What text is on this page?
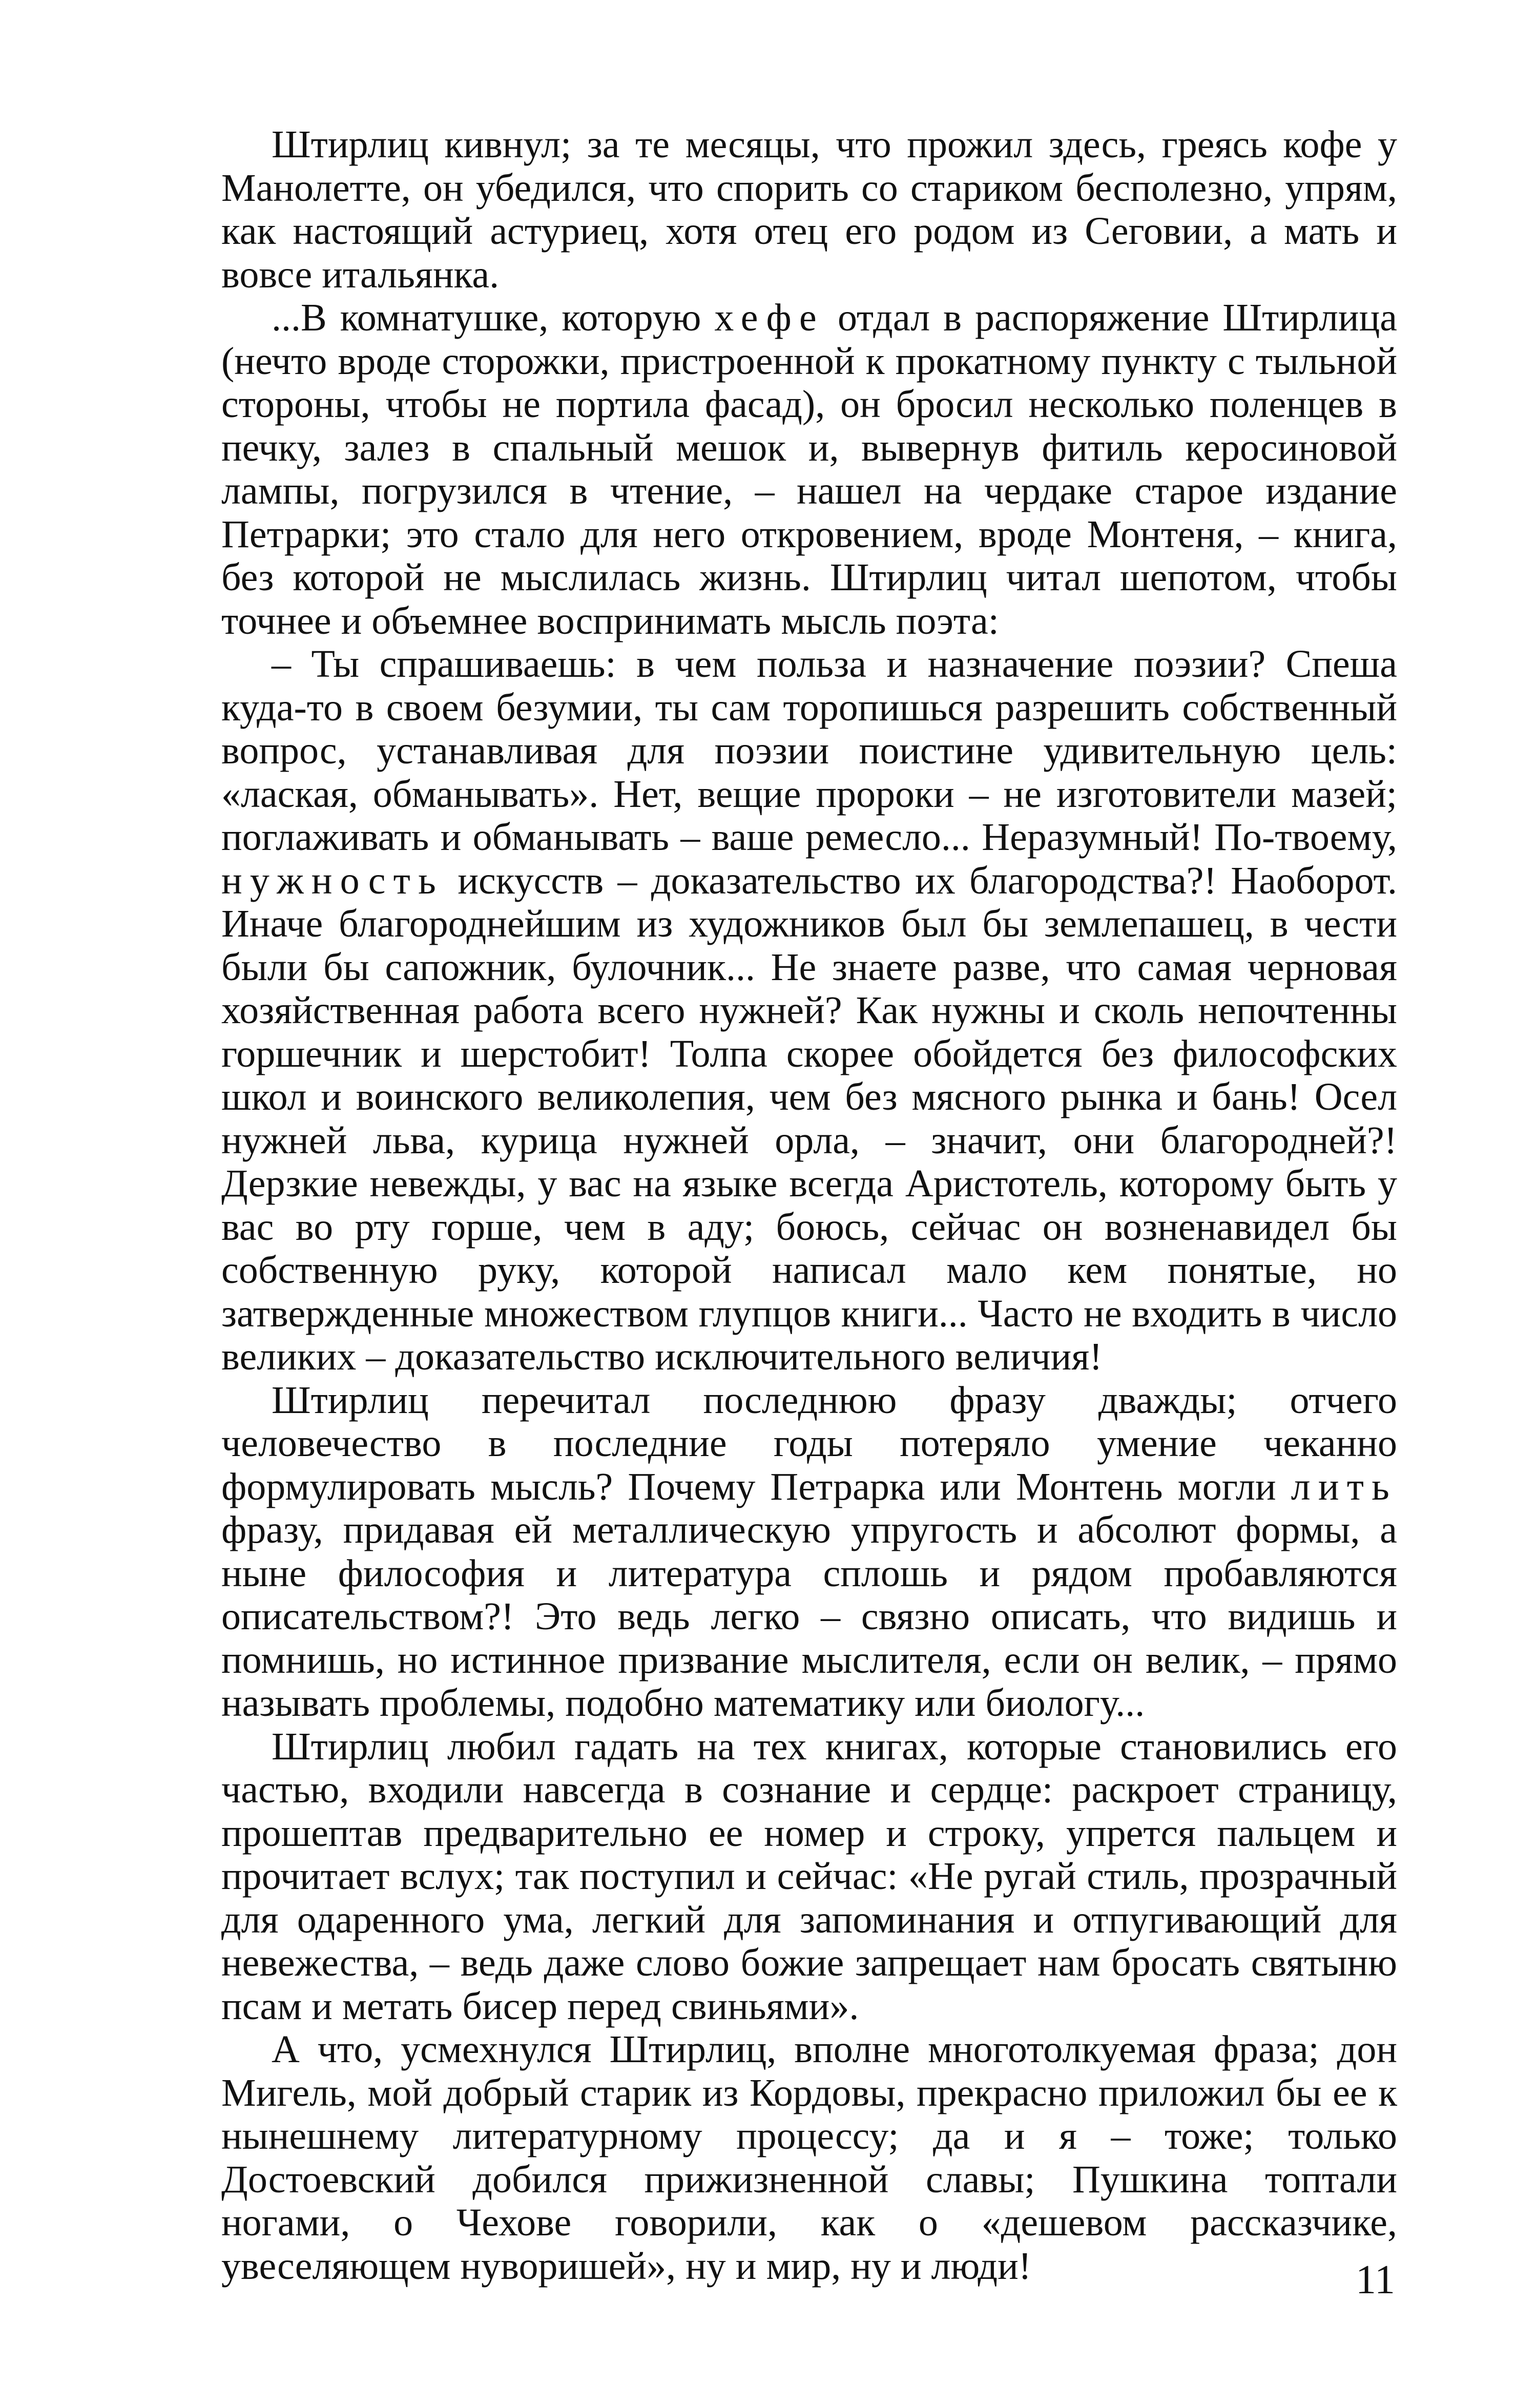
Штирлиц кивнул; за те месяцы, что прожил здесь, греясь кофе у Манолетте, он убедился, что спорить со стариком бесполезно, упрям, как настоящий астуриец, хотя отец его родом из Сеговии, а мать и вовсе итальянка.

...В комнатушке, которую хефе отдал в распоряжение Штирлица (нечто вроде сторожки, пристроенной к прокатному пункту с тыльной стороны, чтобы не портила фасад), он бросил несколько поленцев в печку, залез в спальный мешок и, вывернув фитиль керосиновой лампы, погрузился в чтение, – нашел на чердаке старое издание Петрарки; это стало для него откровением, вроде Монтеня, – книга, без которой не мыслилась жизнь. Штирлиц читал шепотом, чтобы точнее и объемнее воспринимать мысль поэта:

– Ты спрашиваешь: в чем польза и назначение поэзии? Спеша куда-то в своем безумии, ты сам торопишься разрешить собственный вопрос, устанавливая для поэзии поистине удивительную цель: «лаская, обманывать». Нет, вещие пророки – не изготовители мазей; поглаживать и обманывать – ваше ремесло... Неразумный! По-твоему, нужность искусств – доказательство их благородства?! Наоборот. Иначе благороднейшим из художников был бы землепашец, в чести были бы сапожник, булочник... Не знаете разве, что самая черновая хозяйственная работа всего нужней? Как нужны и сколь непочтенны горшечник и шерстобит! Толпа скорее обойдется без философских школ и воинского великолепия, чем без мясного рынка и бань! Осел нужней льва, курица нужней орла, – значит, они благородней?! Дерзкие невежды, у вас на языке всегда Аристотель, которому быть у вас во рту горше, чем в аду; боюсь, сейчас он возненавидел бы собственную руку, которой написал мало кем понятые, но затвержденные множеством глупцов книги... Часто не входить в число великих – доказательство исключительного величия!

Штирлиц перечитал последнюю фразу дважды; отчего человечество в последние годы потеряло умение чеканно формулировать мысль? Почему Петрарка или Монтень могли лить фразу, придавая ей металлическую упругость и абсолют формы, а ныне философия и литература сплошь и рядом пробавляются описательством?! Это ведь легко – связно описать, что видишь и помнишь, но истинное призвание мыслителя, если он велик, – прямо называть проблемы, подобно математику или биологу...

Штирлиц любил гадать на тех книгах, которые становились его частью, входили навсегда в сознание и сердце: раскроет страницу, прошептав предварительно ее номер и строку, упрется пальцем и прочитает вслух; так поступил и сейчас: «Не ругай стиль, прозрачный для одаренного ума, легкий для запоминания и отпугивающий для невежества, – ведь даже слово божие запрещает нам бросать святыню псам и метать бисер перед свиньями».

А что, усмехнулся Штирлиц, вполне многотолкуемая фраза; дон Мигель, мой добрый старик из Кордовы, прекрасно приложил бы ее к нынешнему литературному процессу; да и я – тоже; только Достоевский добился прижизненной славы; Пушкина топтали ногами, о Чехове говорили, как о «дешевом рассказчике, увеселяющем нуворишей», ну и мир, ну и люди!	11
